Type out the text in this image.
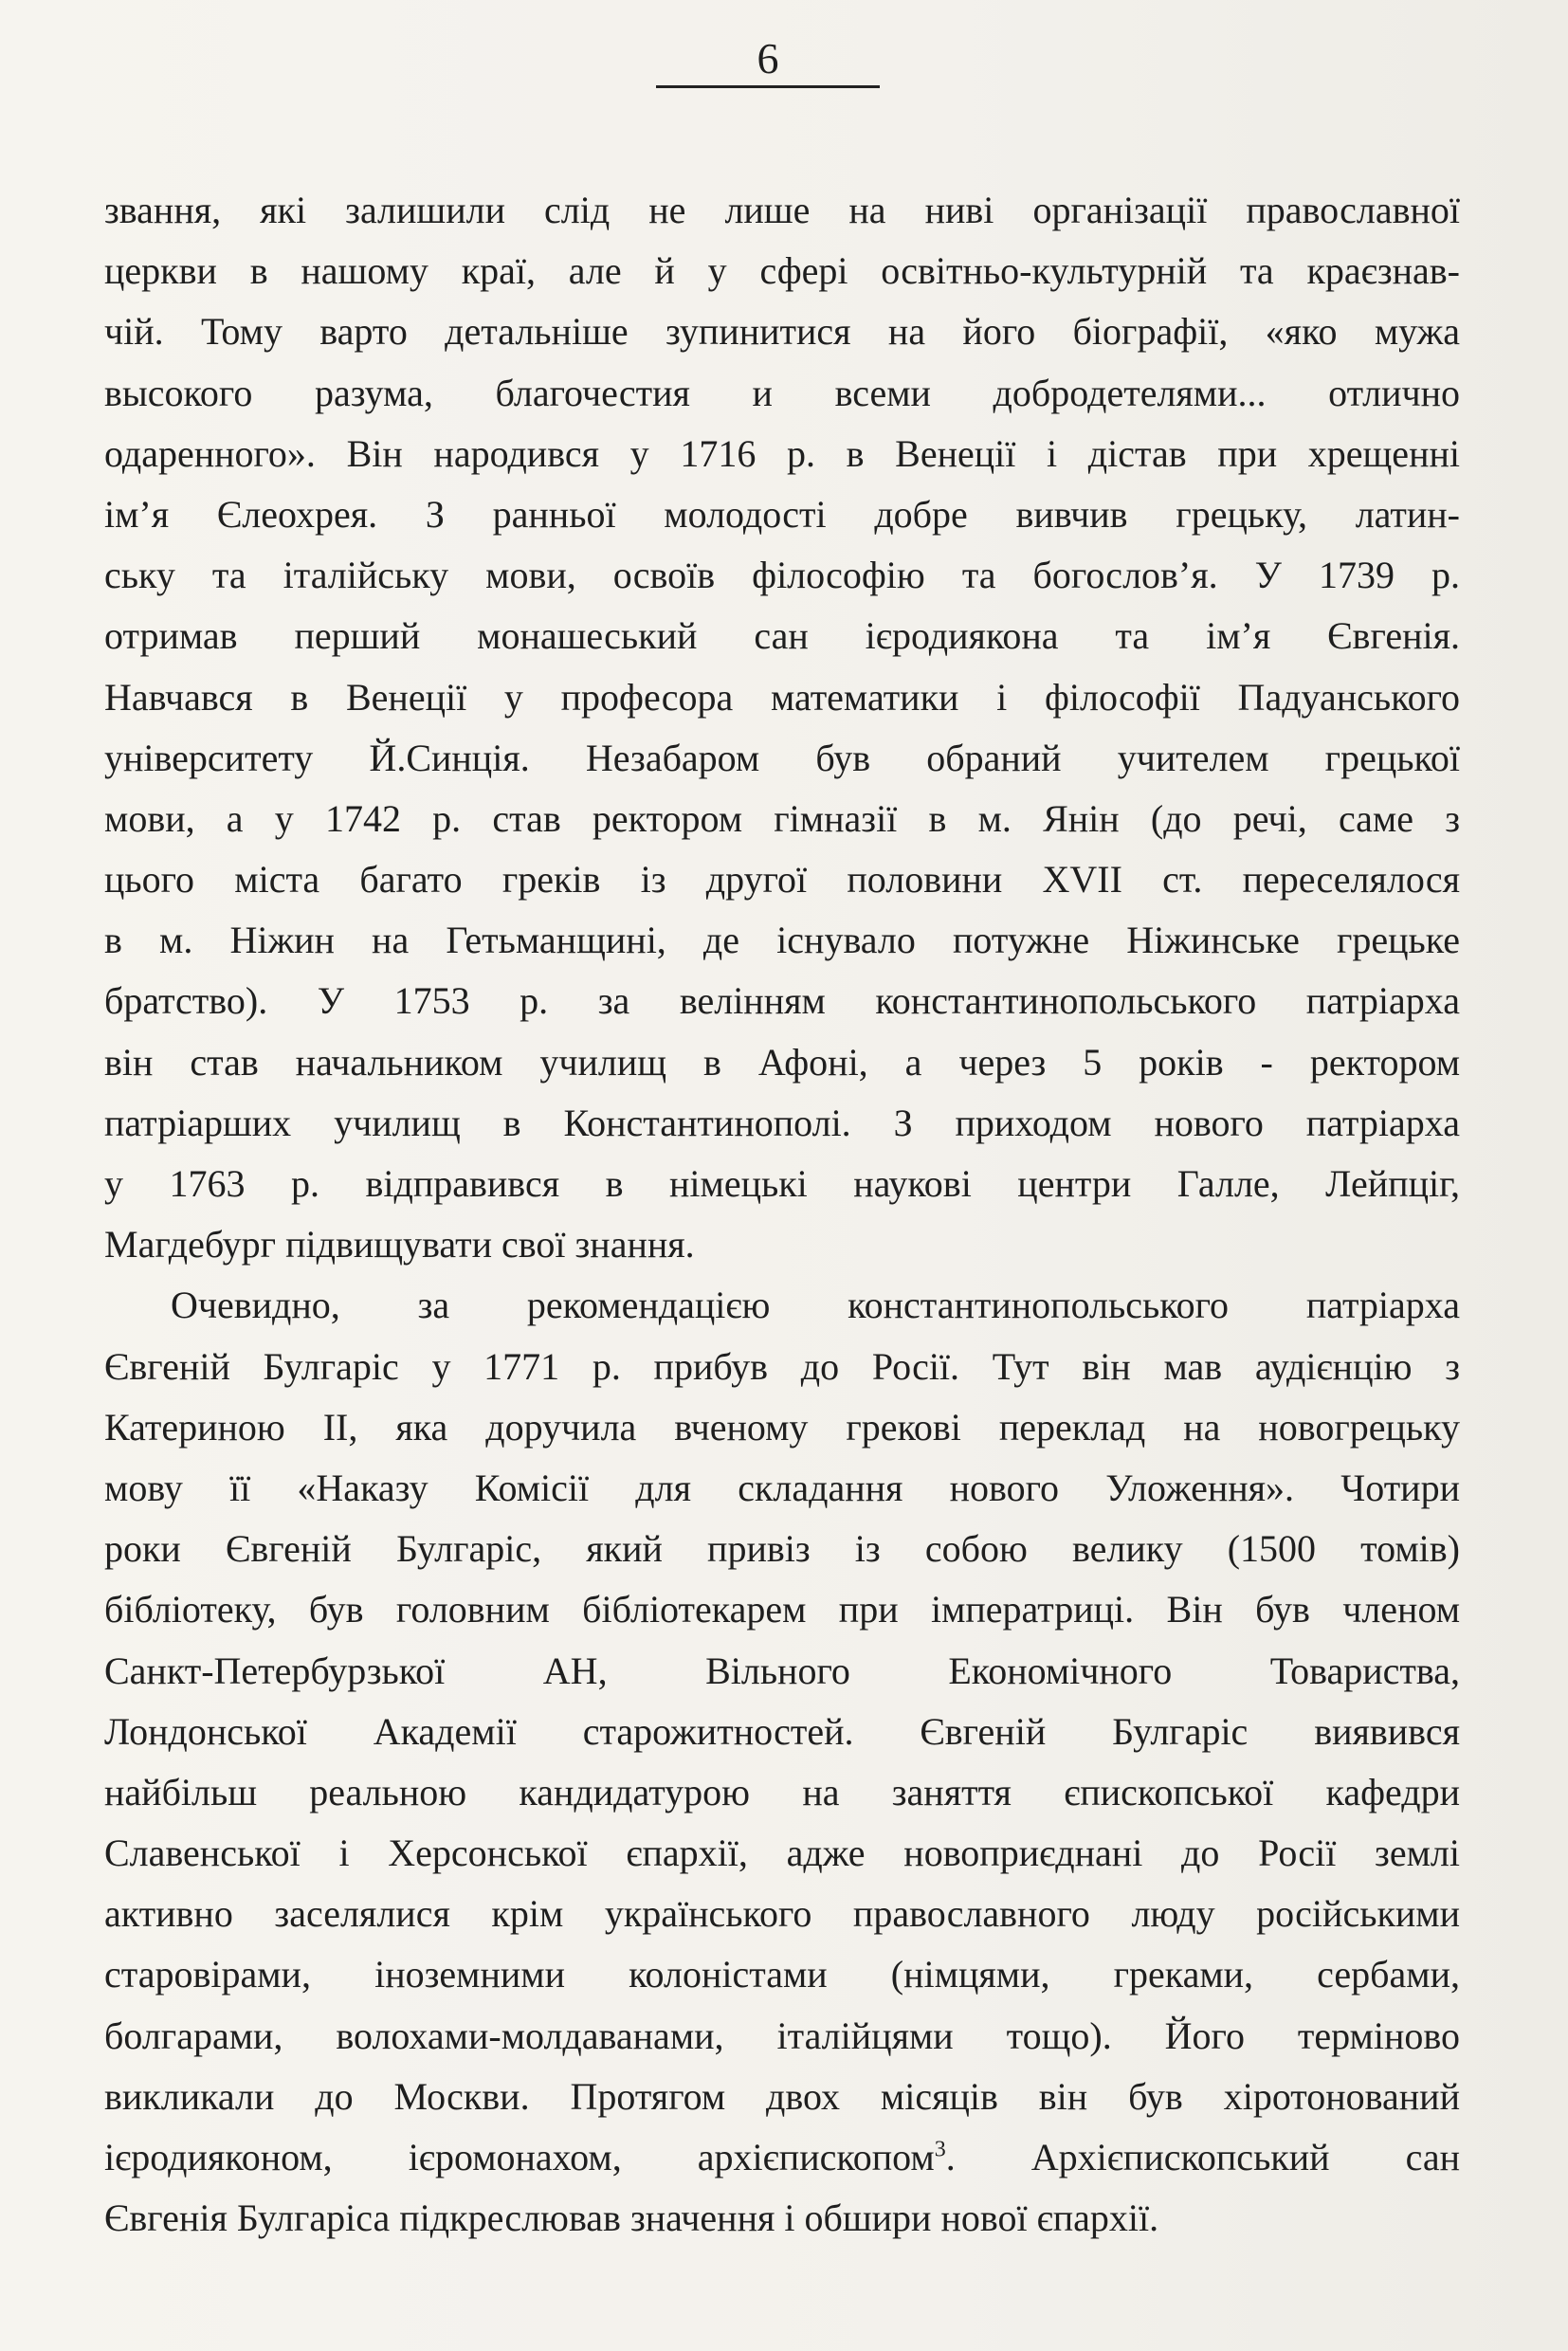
6
звання, які залишили слід не лише на ниві організації православної
церкви в нашому краї, але й у сфері освітньо-культурній та краєзнав-
чій. Тому варто детальніше зупинитися на його біографії, «яко мужа
высокого разума, благочестия и всеми добродетелями... отлично
одаренного». Він народився у 1716 р. в Венеції і дістав при хрещенні
ім’я Єлеохрея. З ранньої молодості добре вивчив грецьку, латин-
ську та італійську мови, освоїв філософію та богослов’я. У 1739 р.
отримав перший монашеський сан ієродиякона та ім’я Євгенія.
Навчався в Венеції у професора математики і філософії Падуанського
університету Й.Синція. Незабаром був обраний учителем грецької
мови, а у 1742 р. став ректором гімназії в м. Янін (до речі, саме з
цього міста багато греків із другої половини XVII ст. переселялося
в м. Ніжин на Гетьманщині, де існувало потужне Ніжинське грецьке
братство). У 1753 р. за велінням константинопольського патріарха
він став начальником училищ в Афоні, а через 5 років - ректором
патріарших училищ в Константинополі. З приходом нового патріарха
у 1763 р. відправився в німецькі наукові центри Галле, Лейпціг,
Магдебург підвищувати свої знання.
Очевидно, за рекомендацією константинопольського патріарха
Євгеній Булгаріс у 1771 р. прибув до Росії. Тут він мав аудієнцію з
Катериною ІІ, яка доручила вченому грекові переклад на новогрецьку
мову її «Наказу Комісії для складання нового Уложення». Чотири
роки Євгеній Булгаріс, який привіз із собою велику (1500 томів)
бібліотеку, був головним бібліотекарем при імператриці. Він був членом
Санкт-Петербурзької АН, Вільного Економічного Товариства,
Лондонської Академії старожитностей. Євгеній Булгаріс виявився
найбільш реальною кандидатурою на заняття єпископської кафедри
Славенської і Херсонської єпархії, адже новоприєднані до Росії землі
активно заселялися крім українського православного люду російськими
старовірами, іноземними колоністами (німцями, греками, сербами,
болгарами, волохами-молдаванами, італійцями тощо). Його терміново
викликали до Москви. Протягом двох місяців він був хіротонований
ієродияконом, ієромонахом, архієпископом$^3$. Архієпископський сан
Євгенія Булгаріса підкреслював значення і обшири нової єпархії.
